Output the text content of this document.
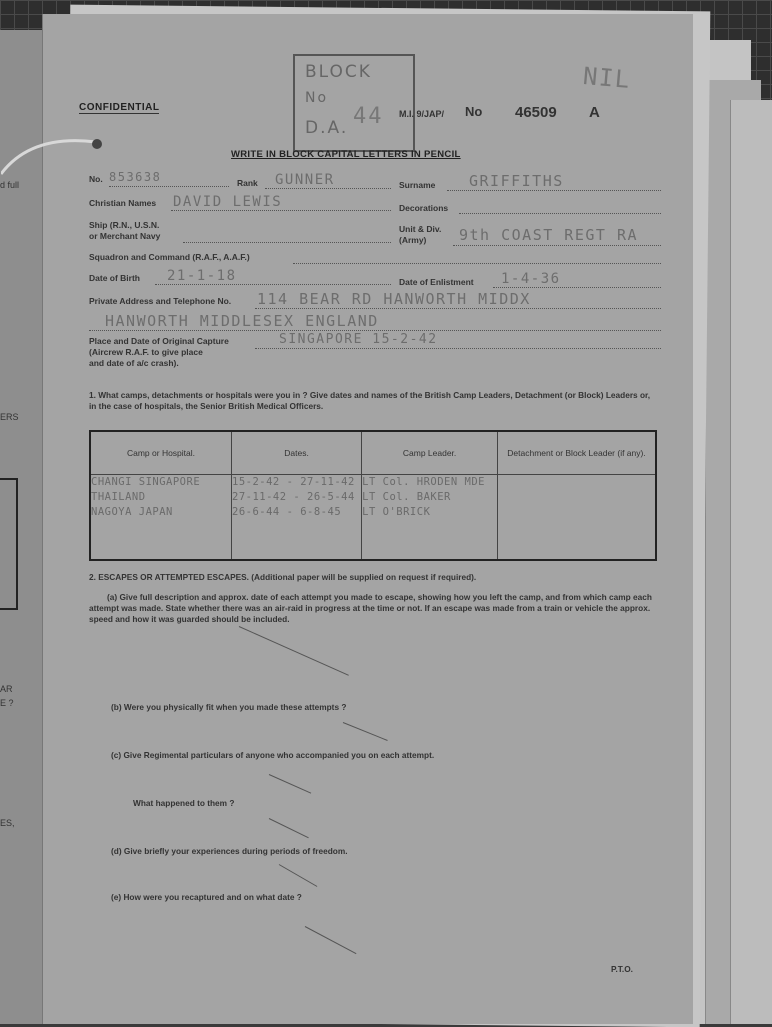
d full
ERS
AR
E ?
ES,
CONFIDENTIAL
BLOCK
No
D.A. 44 M.I. 9/JAP/ No 46509 A
NIL
WRITE IN BLOCK CAPITAL LETTERS IN PENCIL
No. 853638	Rank GUNNER	Surname GRIFFITHS
Christian Names DAVID LEWIS	Decorations
Ship (R.N., U.S.N.
or Merchant Navy
Unit & Div.
(Army) 9th COAST REGT RA
Squadron and Command (R.A.F., A.A.F.)
Date of Birth 21-1-18	Date of Enlistment 1-4-36
Private Address and Telephone No. 114 BEAR RD HANWORTH MIDDX
HANWORTH MIDDLESEX ENGLAND
Place and Date of Original Capture
(Aircrew R.A.F. to give place
and date of a/c crash).
SINGAPORE 15-2-42
1. What camps, detachments or hospitals were you in ? Give dates and names of the British Camp Leaders, Detachment (or Block) Leaders or, in the case of hospitals, the Senior British Medical Officers.
Camp or Hospital.	Dates.	Camp Leader.	Detachment or Block Leader (if any).
CHANGI SINGAPORE	15-2-42 - 27-11-42	LT Col. HRODEN MDE	
THAILAND	27-11-42 - 26-5-44	LT Col. BAKER	
NAGOYA JAPAN	26-6-44 - 6-8-45	LT O'BRICK	

2. ESCAPES OR ATTEMPTED ESCAPES. (Additional paper will be supplied on request if required).
(a) Give full description and approx. date of each attempt you made to escape, showing how you left the camp, and from which camp each attempt was made. State whether there was an air-raid in progress at the time or not. If an escape was made from a train or vehicle the approx. speed and how it was guarded should be included.
(b) Were you physically fit when you made these attempts ?
(c) Give Regimental particulars of anyone who accompanied you on each attempt.
What happened to them ?
(d) Give briefly your experiences during periods of freedom.
(e) How were you recaptured and on what date ?
P.T.O.
